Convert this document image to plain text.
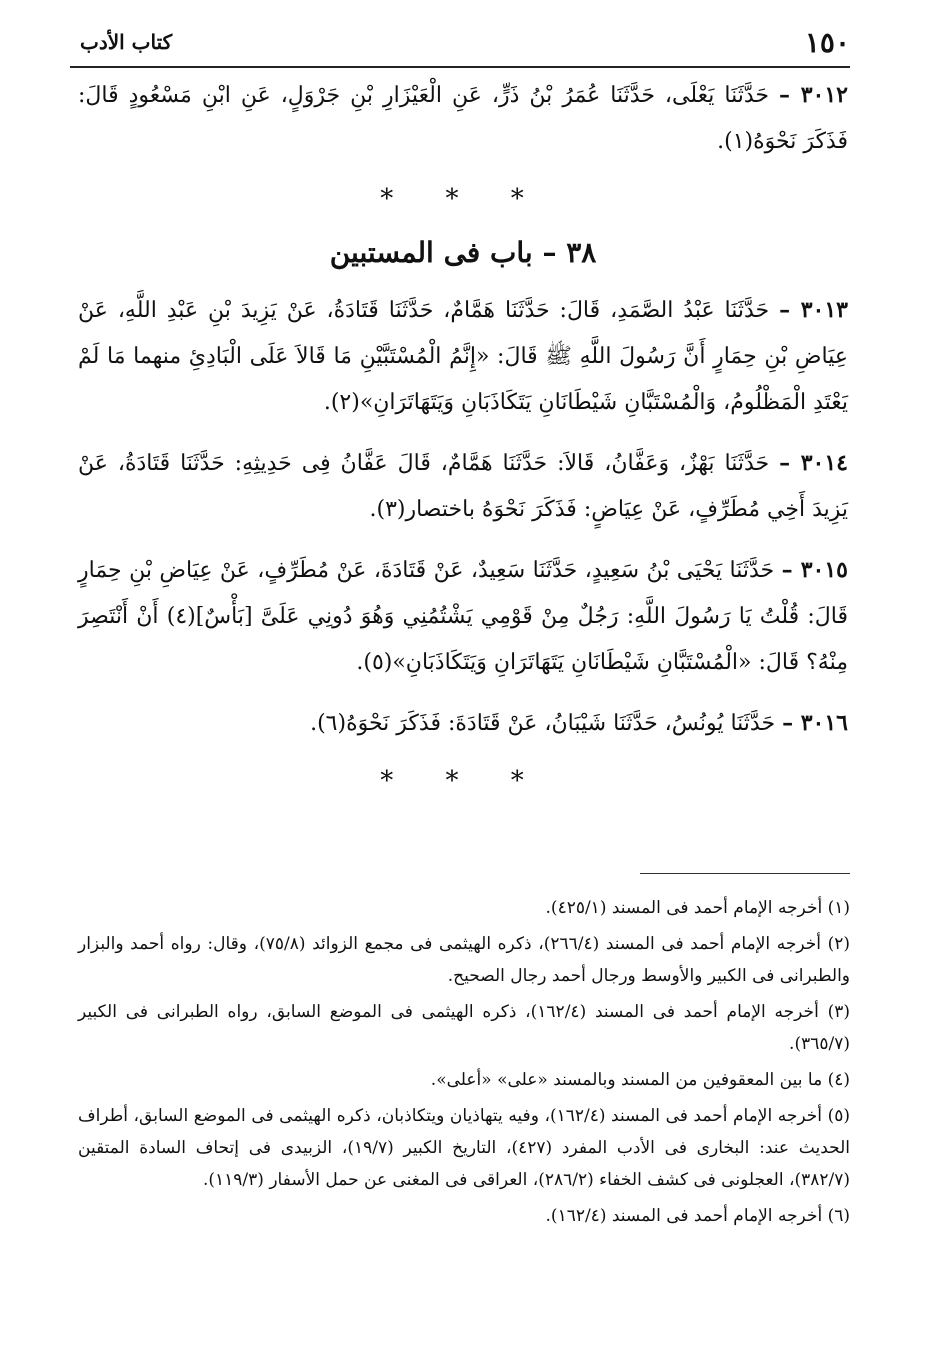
١٥٠
كتاب الأدب

٣٠١٢ – حَدَّثَنَا يَعْلَى، حَدَّثَنَا عُمَرُ بْنُ ذَرٍّ، عَنِ الْعَيْزَارِ بْنِ جَرْوَلٍ، عَنِ ابْنِ مَسْعُودٍ قَالَ: فَذَكَرَ نَحْوَهُ(١).

* * *
٣٨ – باب فى المستبين

٣٠١٣ – حَدَّثَنَا عَبْدُ الصَّمَدِ، قَالَ: حَدَّثَنَا هَمَّامٌ، حَدَّثَنَا قَتَادَةُ، عَنْ يَزِيدَ بْنِ عَبْدِ اللَّهِ، عَنْ عِيَاضِ بْنِ حِمَارٍ أَنَّ رَسُولَ اللَّهِ ﷺ قَالَ: «إِنَّمُ الْمُسْتَبَّيْنِ مَا قَالاَ عَلَى الْبَادِئِ منهما مَا لَمْ يَعْتَدِ الْمَظْلُومُ، وَالْمُسْتَبَّانِ شَيْطَانَانِ يَتَكَاذَبَانِ وَيَتَهَاتَرَانِ»(٢).

٣٠١٤ – حَدَّثَنَا بَهْزٌ، وَعَفَّانُ، قَالاَ: حَدَّثَنَا هَمَّامٌ، قَالَ عَفَّانُ فِى حَدِيثِهِ: حَدَّثَنَا قَتَادَةُ، عَنْ يَزِيدَ أَخِي مُطَرِّفٍ، عَنْ عِيَاضٍ: فَذَكَرَ نَحْوَهُ باختصار(٣).

٣٠١٥ – حَدَّثَنَا يَحْيَى بْنُ سَعِيدٍ، حَدَّثَنَا سَعِيدٌ، عَنْ قَتَادَةَ، عَنْ مُطَرِّفٍ، عَنْ عِيَاضِ بْنِ حِمَارٍ قَالَ: قُلْتُ يَا رَسُولَ اللَّهِ: رَجُلٌ مِنْ قَوْمِي يَشْتُمُنِي وَهُوَ دُونِي عَلَىَّ [بَأْسٌ](٤) أَنْ أَنْتَصِرَ مِنْهُ؟ قَالَ: «الْمُسْتَبَّانِ شَيْطَانَانِ يَتَهَاتَرَانِ وَيَتَكَاذَبَانِ»(٥).

٣٠١٦ – حَدَّثَنَا يُونُسُ، حَدَّثَنَا شَيْبَانُ، عَنْ قَتَادَةَ: فَذَكَرَ نَحْوَهُ(٦).

* * *

(١) أخرجه الإمام أحمد فى المسند (٤٢٥/١).

(٢) أخرجه الإمام أحمد فى المسند (٢٦٦/٤)، ذكره الهيثمى فى مجمع الزوائد (٧٥/٨)، وقال: رواه أحمد والبزار والطبرانى فى الكبير والأوسط ورجال أحمد رجال الصحيح.

(٣) أخرجه الإمام أحمد فى المسند (١٦٢/٤)، ذكره الهيثمى فى الموضع السابق، رواه الطبرانى فى الكبير (٣٦٥/٧).

(٤) ما بين المعقوفين من المسند وبالمسند «على» «أعلى».

(٥) أخرجه الإمام أحمد فى المسند (١٦٢/٤)، وفيه يتهاذيان ويتكاذبان، ذكره الهيثمى فى الموضع السابق، أطراف الحديث عند: البخارى فى الأدب المفرد (٤٢٧)، التاريخ الكبير (١٩/٧)، الزبيدى فى إتحاف السادة المتقين (٣٨٢/٧)، العجلونى فى كشف الخفاء (٢٨٦/٢)، العراقى فى المغنى عن حمل الأسفار (١١٩/٣).

(٦) أخرجه الإمام أحمد فى المسند (١٦٢/٤).
